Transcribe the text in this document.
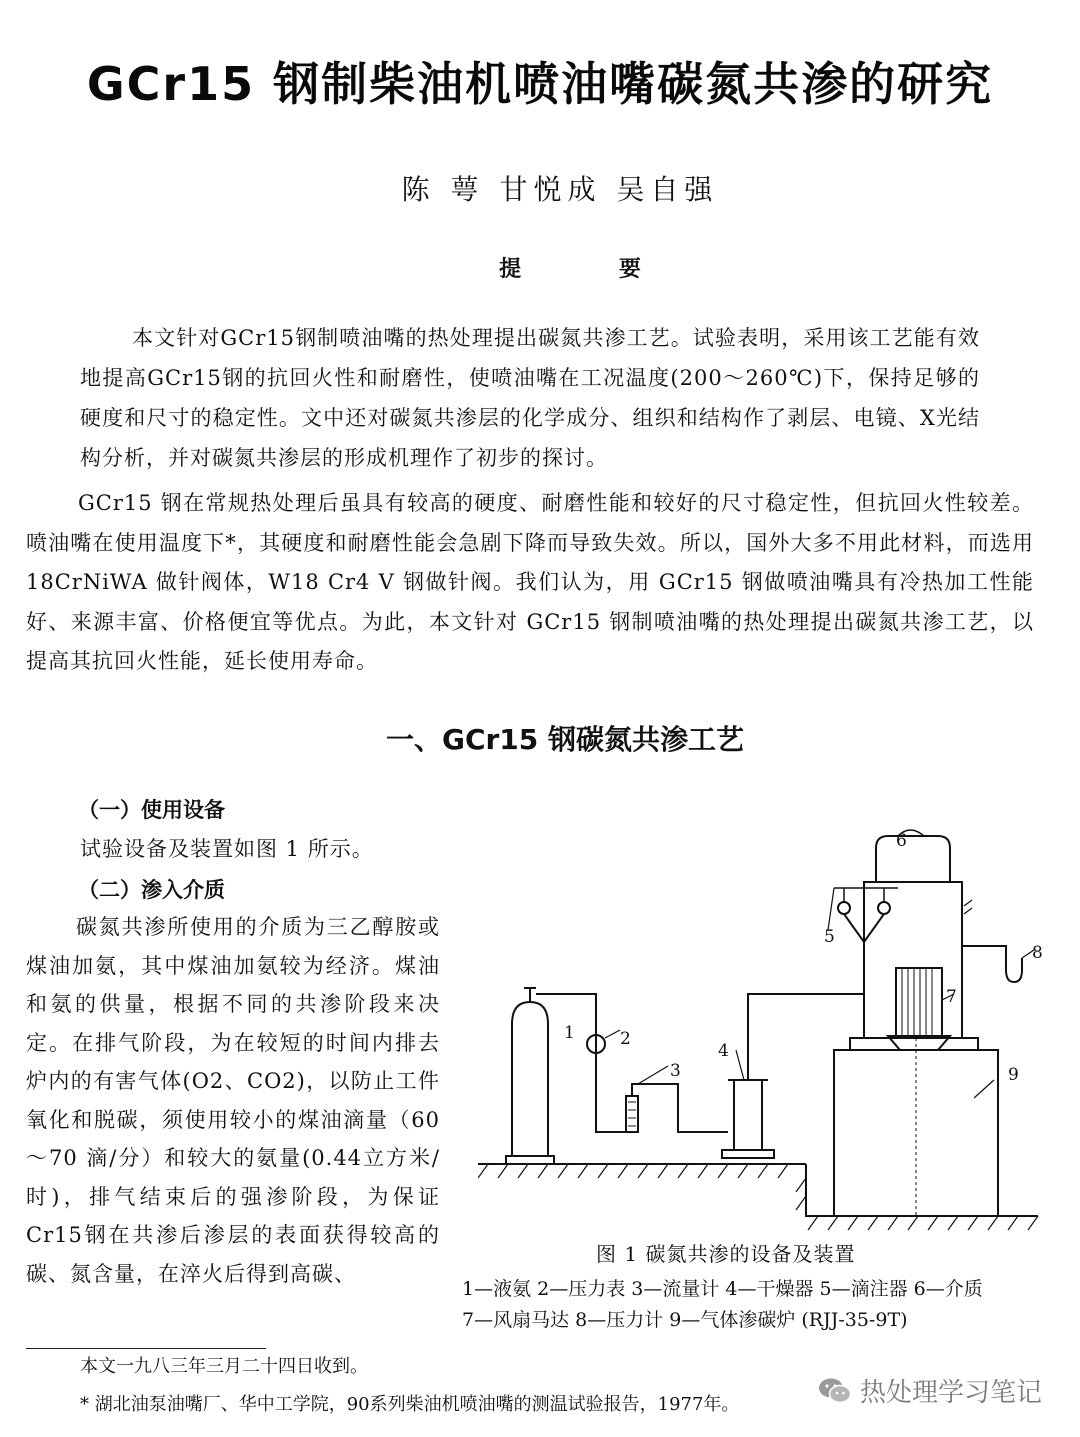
GCr15 钢制柴油机喷油嘴碳氮共渗的研究
陈 萼 甘悦成 吴自强
提 要
本文针对GCr15钢制喷油嘴的热处理提出碳氮共渗工艺。试验表明，采用该工艺能有效地提高GCr15钢的抗回火性和耐磨性，使喷油嘴在工况温度(200～260℃)下，保持足够的硬度和尺寸的稳定性。文中还对碳氮共渗层的化学成分、组织和结构作了剥层、电镜、X光结构分析，并对碳氮共渗层的形成机理作了初步的探讨。
GCr15 钢在常规热处理后虽具有较高的硬度、耐磨性能和较好的尺寸稳定性，但抗回火性较差。喷油嘴在使用温度下*，其硬度和耐磨性能会急剧下降而导致失效。所以，国外大多不用此材料，而选用 18CrNiWA 做针阀体，W18 Cr4 V 钢做针阀。我们认为，用 GCr15 钢做喷油嘴具有冷热加工性能好、来源丰富、价格便宜等优点。为此，本文针对 GCr15 钢制喷油嘴的热处理提出碳氮共渗工艺，以提高其抗回火性能，延长使用寿命。
一、GCr15 钢碳氮共渗工艺
（一）使用设备
试验设备及装置如图 1 所示。
（二）渗入介质
碳氮共渗所使用的介质为三乙醇胺或煤油加氨，其中煤油加氨较为经济。煤油和氨的供量，根据不同的共渗阶段来决定。在排气阶段，为在较短的时间内排去炉内的有害气体(O2、CO2)，以防止工件氧化和脱碳，须使用较小的煤油滴量（60～70 滴/分）和较大的氨量(0.44立方米/时)，排气结束后的强渗阶段，为保证Cr15钢在共渗后渗层的表面获得较高的碳、氮含量，在淬火后得到高碳、
1	2
3
4
5
6
7
8
9
图 1 碳氮共渗的设备及装置
1—液氨 2—压力表 3—流量计 4—干燥器 5—滴注器 6—介质
7—风扇马达 8—压力计 9—气体渗碳炉 (RJJ-35-9T)
本文一九八三年三月二十四日收到。
* 湖北油泵油嘴厂、华中工学院，90系列柴油机喷油嘴的测温试验报告，1977年。	热处理学习笔记
